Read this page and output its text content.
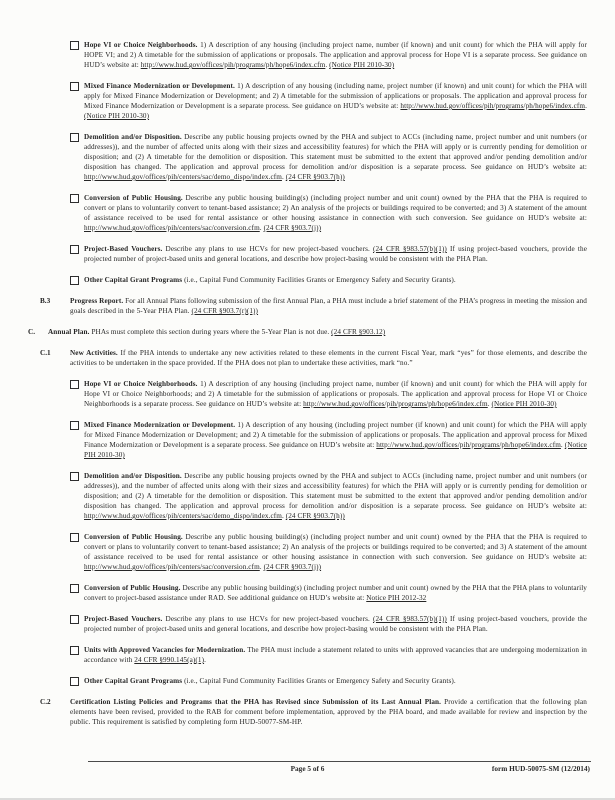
Hope VI or Choice Neighborhoods. 1) A description of any housing (including project name, number (if known) and unit count) for which the PHA will apply for HOPE VI; and 2) A timetable for the submission of applications or proposals. The application and approval process for Hope VI is a separate process. See guidance on HUD’s website at: http://www.hud.gov/offices/pih/programs/ph/hope6/index.cfm. (Notice PIH 2010-30)

Mixed Finance Modernization or Development. 1) A description of any housing (including name, project number (if known) and unit count) for which the PHA will apply for Mixed Finance Modernization or Development; and 2) A timetable for the submission of applications or proposals. The application and approval process for Mixed Finance Modernization or Development is a separate process. See guidance on HUD’s website at: http://www.hud.gov/offices/pih/programs/ph/hope6/index.cfm. (Notice PIH 2010-30)

Demolition and/or Disposition. Describe any public housing projects owned by the PHA and subject to ACCs (including name, project number and unit numbers (or addresses)), and the number of affected units along with their sizes and accessibility features) for which the PHA will apply or is currently pending for demolition or disposition; and (2) A timetable for the demolition or disposition. This statement must be submitted to the extent that approved and/or pending demolition and/or disposition has changed. The application and approval process for demolition and/or disposition is a separate process. See guidance on HUD’s website at: http://www.hud.gov/offices/pih/centers/sac/demo_dispo/index.cfm. (24 CFR §903.7(h))

Conversion of Public Housing. Describe any public housing building(s) (including project number and unit count) owned by the PHA that the PHA is required to convert or plans to voluntarily convert to tenant-based assistance; 2) An analysis of the projects or buildings required to be converted; and 3) A statement of the amount of assistance received to be used for rental assistance or other housing assistance in connection with such conversion. See guidance on HUD’s website at: http://www.hud.gov/offices/pih/centers/sac/conversion.cfm. (24 CFR §903.7(j))

Project-Based Vouchers. Describe any plans to use HCVs for new project-based vouchers. (24 CFR §983.57(b)(1)) If using project-based vouchers, provide the projected number of project-based units and general locations, and describe how project-basing would be consistent with the PHA Plan.

Other Capital Grant Programs (i.e., Capital Fund Community Facilities Grants or Emergency Safety and Security Grants).

B.3	Progress Report. For all Annual Plans following submission of the first Annual Plan, a PHA must include a brief statement of the PHA’s progress in meeting the mission and goals described in the 5-Year PHA Plan. (24 CFR §903.7(r)(1))

C.	Annual Plan. PHAs must complete this section during years where the 5-Year Plan is not due. (24 CFR §903.12)

C.1	New Activities. If the PHA intends to undertake any new activities related to these elements in the current Fiscal Year, mark “yes” for those elements, and describe the activities to be undertaken in the space provided. If the PHA does not plan to undertake these activities, mark “no.”

Hope VI or Choice Neighborhoods. 1) A description of any housing (including project name, number (if known) and unit count) for which the PHA will apply for Hope VI or Choice Neighborhoods; and 2) A timetable for the submission of applications or proposals. The application and approval process for Hope VI or Choice Neighborhoods is a separate process. See guidance on HUD’s website at: http://www.hud.gov/offices/pih/programs/ph/hope6/index.cfm. (Notice PIH 2010-30)

Mixed Finance Modernization or Development. 1) A description of any housing (including project number (if known) and unit count) for which the PHA will apply for Mixed Finance Modernization or Development; and 2) A timetable for the submission of applications or proposals. The application and approval process for Mixed Finance Modernization or Development is a separate process. See guidance on HUD’s website at: http://www.hud.gov/offices/pih/programs/ph/hope6/index.cfm. (Notice PIH 2010-30)

Demolition and/or Disposition. Describe any public housing projects owned by the PHA and subject to ACCs (including name, project number and unit numbers (or addresses)), and the number of affected units along with their sizes and accessibility features) for which the PHA will apply or is currently pending for demolition or disposition; and (2) A timetable for the demolition or disposition. This statement must be submitted to the extent that approved and/or pending demolition and/or disposition has changed. The application and approval process for demolition and/or disposition is a separate process. See guidance on HUD’s website at: http://www.hud.gov/offices/pih/centers/sac/demo_dispo/index.cfm. (24 CFR §903.7(h))

Conversion of Public Housing. Describe any public housing building(s) (including project number and unit count) owned by the PHA that the PHA is required to convert or plans to voluntarily convert to tenant-based assistance; 2) An analysis of the projects or buildings required to be converted; and 3) A statement of the amount of assistance received to be used for rental assistance or other housing assistance in connection with such conversion. See guidance on HUD’s website at: http://www.hud.gov/offices/pih/centers/sac/conversion.cfm. (24 CFR §903.7(j))

Conversion of Public Housing. Describe any public housing building(s) (including project number and unit count) owned by the PHA that the PHA plans to voluntarily convert to project-based assistance under RAD. See additional guidance on HUD’s website at: Notice PIH 2012-32

Project-Based Vouchers. Describe any plans to use HCVs for new project-based vouchers. (24 CFR §983.57(b)(1)) If using project-based vouchers, provide the projected number of project-based units and general locations, and describe how project-basing would be consistent with the PHA Plan.

Units with Approved Vacancies for Modernization. The PHA must include a statement related to units with approved vacancies that are undergoing modernization in accordance with 24 CFR §990.145(a)(1).

Other Capital Grant Programs (i.e., Capital Fund Community Facilities Grants or Emergency Safety and Security Grants).

C.2	Certification Listing Policies and Programs that the PHA has Revised since Submission of its Last Annual Plan. Provide a certification that the following plan elements have been revised, provided to the RAB for comment before implementation, approved by the PHA board, and made available for review and inspection by the public. This requirement is satisfied by completing form HUD-50077-SM-HP.

Page 5 of 6	form HUD-50075-SM (12/2014)
